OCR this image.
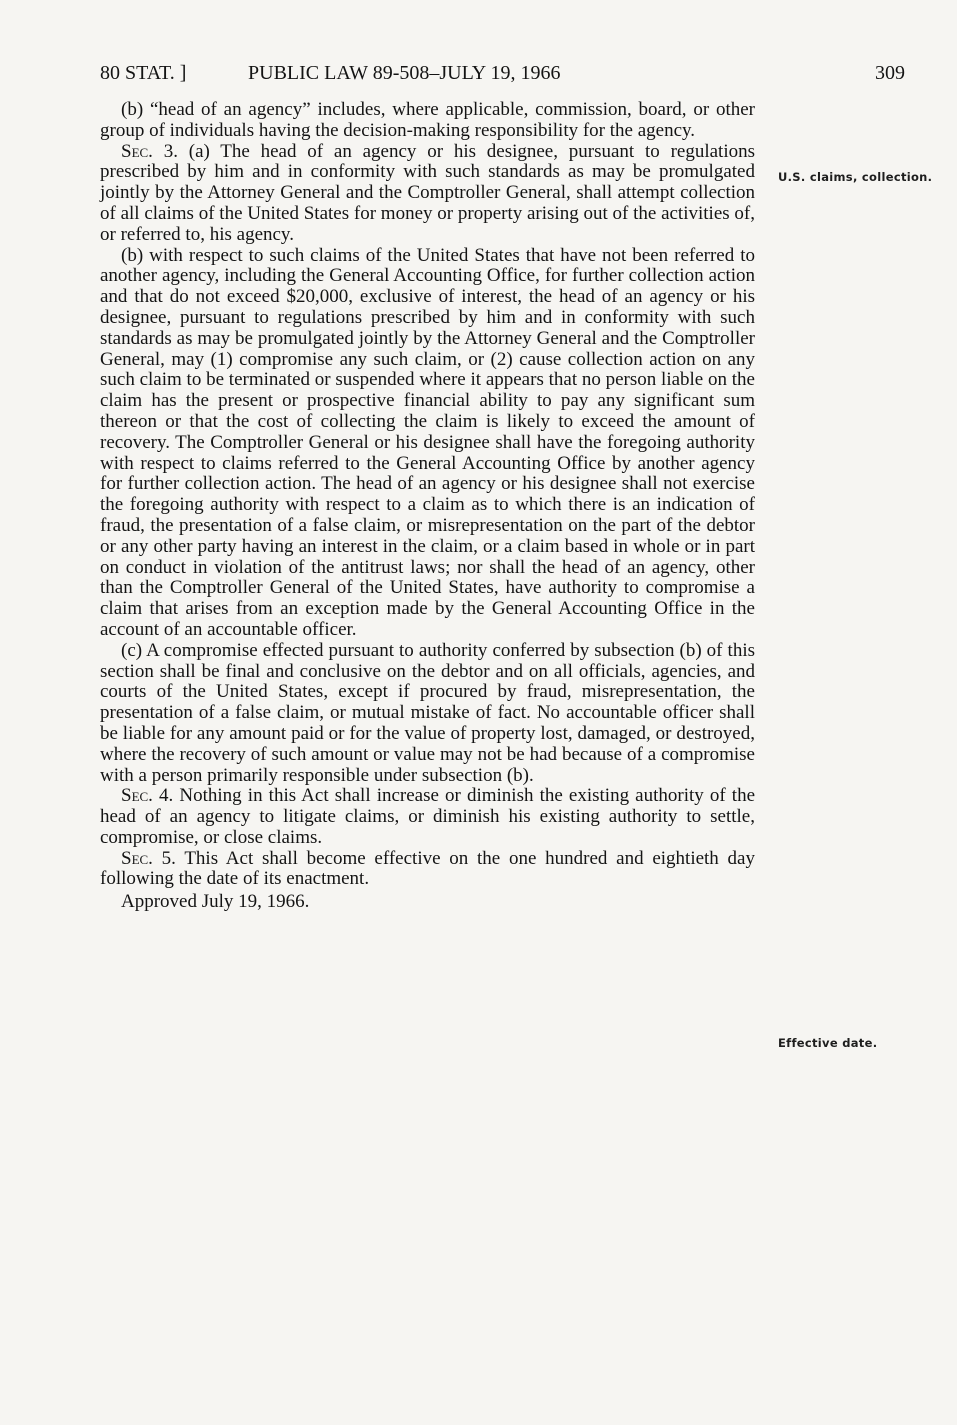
80 STAT. ]	PUBLIC LAW 89-508–JULY 19, 1966	309

(b) “head of an agency” includes, where applicable, commission, board, or other group of individuals having the decision-making responsibility for the agency.

Sec. 3. (a) The head of an agency or his designee, pursuant to regulations prescribed by him and in conformity with such standards as may be promulgated jointly by the Attorney General and the Comptroller General, shall attempt collection of all claims of the United States for money or property arising out of the activities of, or referred to, his agency.

(b) with respect to such claims of the United States that have not been referred to another agency, including the General Accounting Office, for further collection action and that do not exceed $20,000, exclusive of interest, the head of an agency or his designee, pursuant to regulations prescribed by him and in conformity with such standards as may be promulgated jointly by the Attorney General and the Comptroller General, may (1) compromise any such claim, or (2) cause collection action on any such claim to be terminated or suspended where it appears that no person liable on the claim has the present or prospective financial ability to pay any significant sum thereon or that the cost of collecting the claim is likely to exceed the amount of recovery. The Comptroller General or his designee shall have the foregoing authority with respect to claims referred to the General Accounting Office by another agency for further collection action. The head of an agency or his designee shall not exercise the foregoing authority with respect to a claim as to which there is an indication of fraud, the presentation of a false claim, or misrepresentation on the part of the debtor or any other party having an interest in the claim, or a claim based in whole or in part on conduct in violation of the antitrust laws; nor shall the head of an agency, other than the Comptroller General of the United States, have authority to compromise a claim that arises from an exception made by the General Accounting Office in the account of an accountable officer.

(c) A compromise effected pursuant to authority conferred by subsection (b) of this section shall be final and conclusive on the debtor and on all officials, agencies, and courts of the United States, except if procured by fraud, misrepresentation, the presentation of a false claim, or mutual mistake of fact. No accountable officer shall be liable for any amount paid or for the value of property lost, damaged, or destroyed, where the recovery of such amount or value may not be had because of a compromise with a person primarily responsible under subsection (b).

Sec. 4. Nothing in this Act shall increase or diminish the existing authority of the head of an agency to litigate claims, or diminish his existing authority to settle, compromise, or close claims.

Sec. 5. This Act shall become effective on the one hundred and eightieth day following the date of its enactment.

Approved July 19, 1966.

U.S. claims, collection.
Effective date.
